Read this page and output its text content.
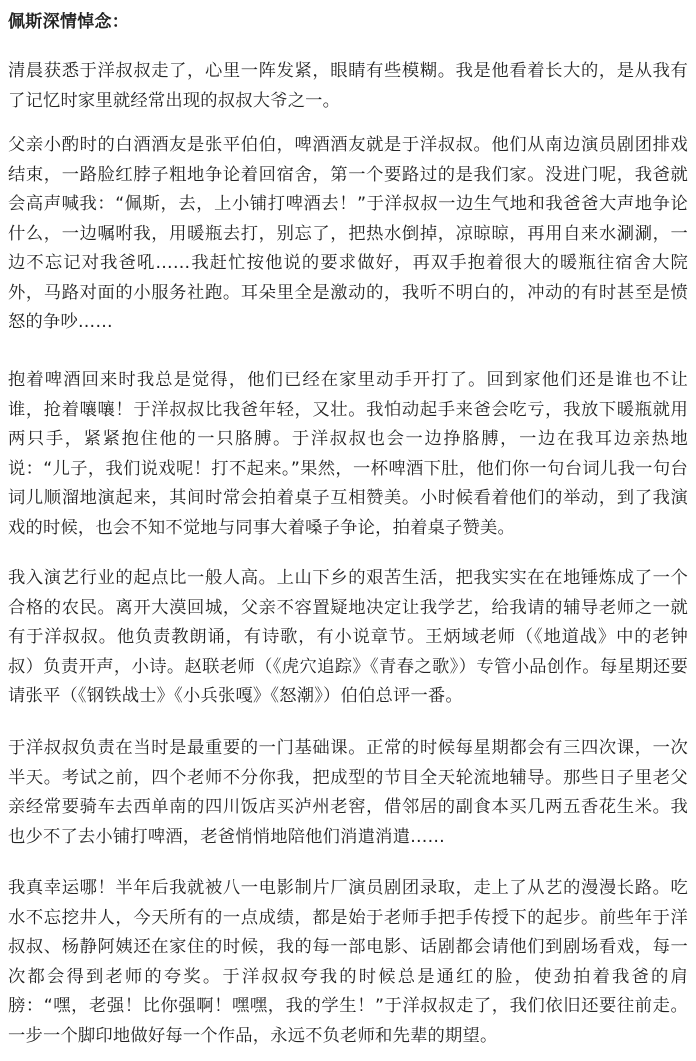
佩斯深情悼念：

清晨获悉于洋叔叔走了，心里一阵发紧，眼睛有些模糊。我是他看着长大的，是从我有了记忆时家里就经常出现的叔叔大爷之一。

父亲小酌时的白酒酒友是张平伯伯，啤酒酒友就是于洋叔叔。他们从南边演员剧团排戏结束，一路脸红脖子粗地争论着回宿舍，第一个要路过的是我们家。没进门呢，我爸就会高声喊我：“佩斯，去，上小铺打啤酒去！”于洋叔叔一边生气地和我爸爸大声地争论什么，一边嘱咐我，用暖瓶去打，别忘了，把热水倒掉，凉晾晾，再用自来水涮涮，一边不忘记对我爸吼……我赶忙按他说的要求做好，再双手抱着很大的暖瓶往宿舍大院外，马路对面的小服务社跑。耳朵里全是激动的，我听不明白的，冲动的有时甚至是愤怒的争吵……

抱着啤酒回来时我总是觉得，他们已经在家里动手开打了。回到家他们还是谁也不让谁，抢着嚷嚷！于洋叔叔比我爸年轻，又壮。我怕动起手来爸会吃亏，我放下暖瓶就用两只手，紧紧抱住他的一只胳膊。于洋叔叔也会一边挣胳膊，一边在我耳边亲热地说：“儿子，我们说戏呢！打不起来。”果然，一杯啤酒下肚，他们你一句台词儿我一句台词儿顺溜地演起来，其间时常会拍着桌子互相赞美。小时候看着他们的举动，到了我演戏的时候，也会不知不觉地与同事大着嗓子争论，拍着桌子赞美。

我入演艺行业的起点比一般人高。上山下乡的艰苦生活，把我实实在在地锤炼成了一个合格的农民。离开大漠回城，父亲不容置疑地决定让我学艺，给我请的辅导老师之一就有于洋叔叔。他负责教朗诵，有诗歌，有小说章节。王炳域老师（《地道战》中的老钟叔）负责开声，小诗。赵联老师（《虎穴追踪》《青春之歌》）专管小品创作。每星期还要请张平（《钢铁战士》《小兵张嘎》《怒潮》）伯伯总评一番。

于洋叔叔负责在当时是最重要的一门基础课。正常的时候每星期都会有三四次课，一次半天。考试之前，四个老师不分你我，把成型的节目全天轮流地辅导。那些日子里老父亲经常要骑车去西单南的四川饭店买泸州老窖，借邻居的副食本买几两五香花生米。我也少不了去小铺打啤酒，老爸悄悄地陪他们消遣消遣……

我真幸运哪！半年后我就被八一电影制片厂演员剧团录取，走上了从艺的漫漫长路。吃水不忘挖井人，今天所有的一点成绩，都是始于老师手把手传授下的起步。前些年于洋叔叔、杨静阿姨还在家住的时候，我的每一部电影、话剧都会请他们到剧场看戏，每一次都会得到老师的夸奖。于洋叔叔夸我的时候总是通红的脸，使劲拍着我爸的肩膀：“嘿，老强！比你强啊！嘿嘿，我的学生！”于洋叔叔走了，我们依旧还要往前走。一步一个脚印地做好每一个作品，永远不负老师和先辈的期望。
